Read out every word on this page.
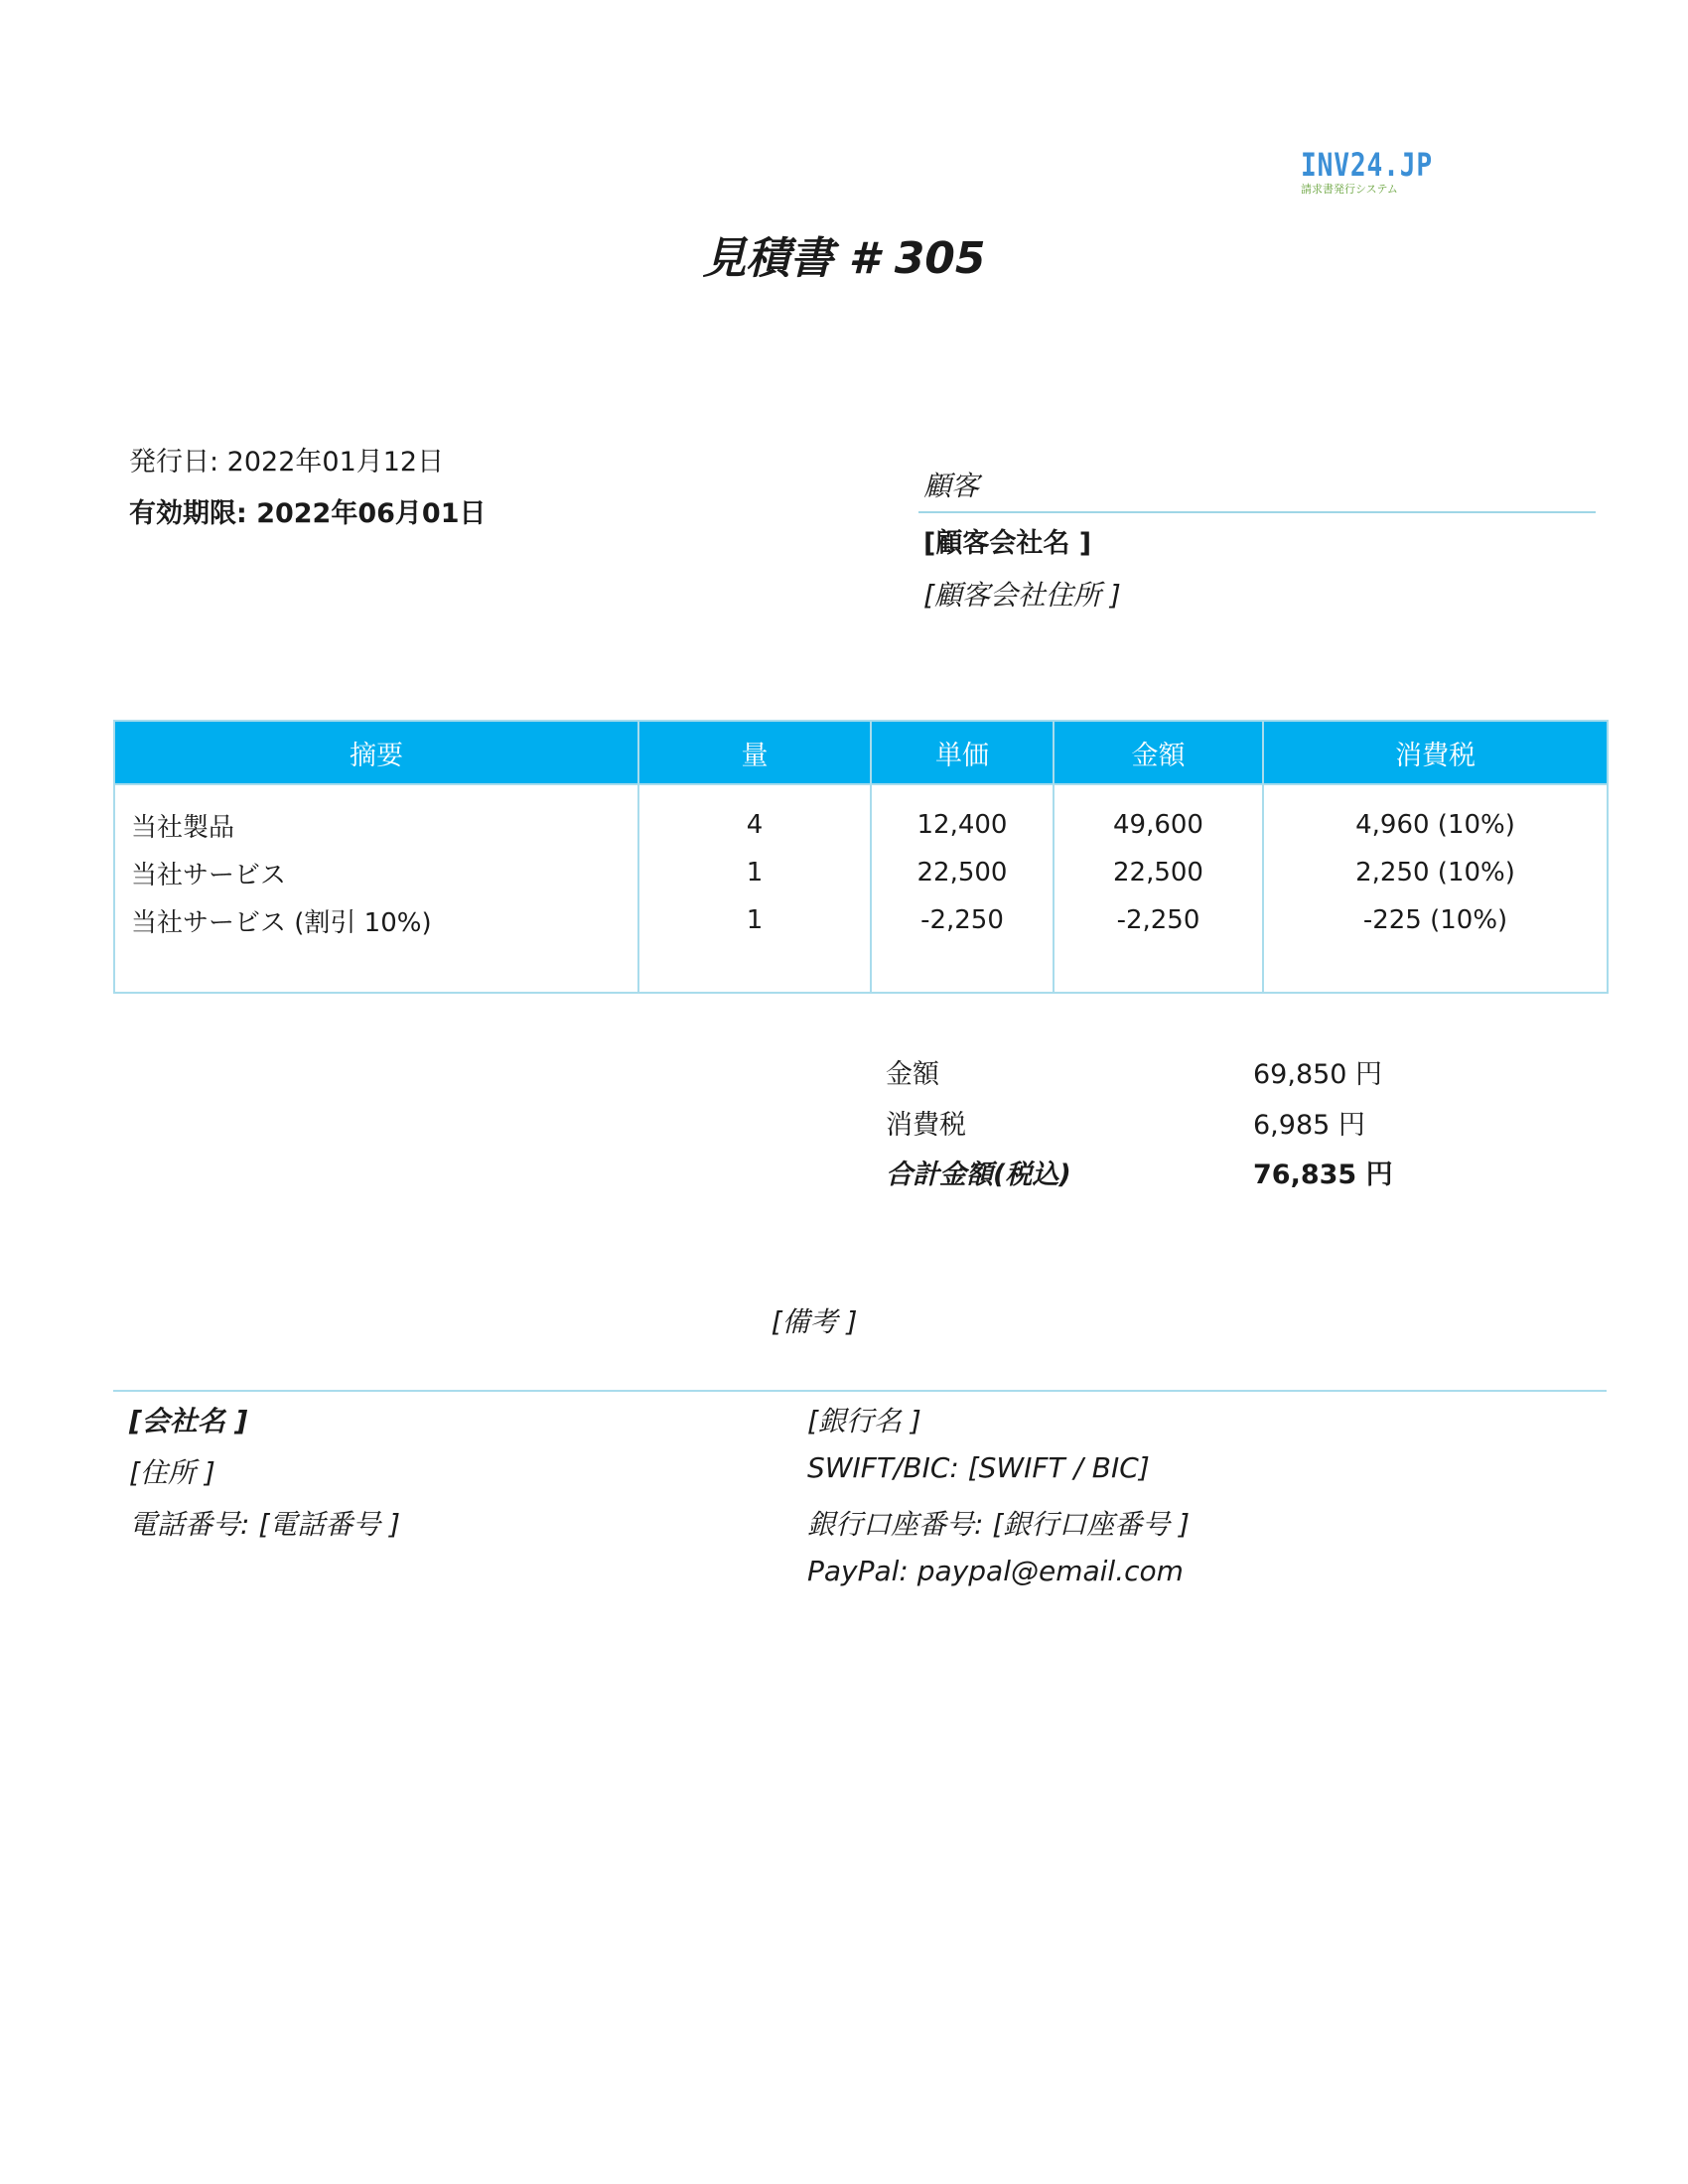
INV24.JP
請求書発行システム
見積書 # 305
発行日: 2022年01月12日
有効期限: 2022年06月01日
顧客
[顧客会社名 ]
[顧客会社住所 ]
摘要	量	単価	金額	消費税
当社製品	4	12,400	49,600	4,960 (10%)
当社サービス	1	22,500	22,500	2,250 (10%)
当社サービス (割引 10%)	1	-2,250	-2,250	-225 (10%)

金額	69,850 円
消費税	6,985 円
合計金額(税込)	76,835 円
[備考 ]
[会社名 ]
[住所 ]
電話番号: [電話番号 ]
[銀行名 ]
SWIFT/BIC: [SWIFT / BIC]
銀行口座番号: [銀行口座番号 ]
PayPal: paypal@email.com
